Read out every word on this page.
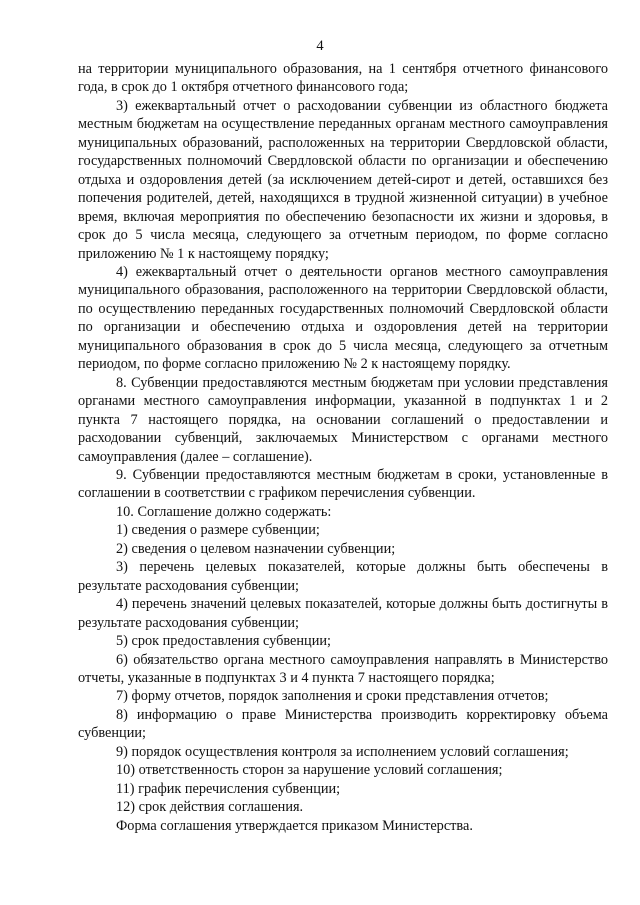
4

на территории муниципального образования, на 1 сентября отчетного финансового года, в срок до 1 октября отчетного финансового года;

3) ежеквартальный отчет о расходовании субвенции из областного бюджета местным бюджетам на осуществление переданных органам местного самоуправления муниципальных образований, расположенных на территории Свердловской области, государственных полномочий Свердловской области по организации и обеспечению отдыха и оздоровления детей (за исключением детей-сирот и детей, оставшихся без попечения родителей, детей, находящихся в трудной жизненной ситуации) в учебное время, включая мероприятия по обеспечению безопасности их жизни и здоровья, в срок до 5 числа месяца, следующего за отчетным периодом, по форме согласно приложению № 1 к настоящему порядку;

4) ежеквартальный отчет о деятельности органов местного самоуправления муниципального образования, расположенного на территории Свердловской области, по осуществлению переданных государственных полномочий Свердловской области по организации и обеспечению отдыха и оздоровления детей на территории муниципального образования в срок до 5 числа месяца, следующего за отчетным периодом, по форме согласно приложению № 2 к настоящему порядку.

8. Субвенции предоставляются местным бюджетам при условии представления органами местного самоуправления информации, указанной в подпунктах 1 и 2 пункта 7 настоящего порядка, на основании соглашений о предоставлении и расходовании субвенций, заключаемых Министерством с органами местного самоуправления (далее – соглашение).

9. Субвенции предоставляются местным бюджетам в сроки, установленные в соглашении в соответствии с графиком перечисления субвенции.

10. Соглашение должно содержать:

1) сведения о размере субвенции;

2) сведения о целевом назначении субвенции;

3) перечень целевых показателей, которые должны быть обеспечены в результате расходования субвенции;

4) перечень значений целевых показателей, которые должны быть достигнуты в результате расходования субвенции;

5) срок предоставления субвенции;

6) обязательство органа местного самоуправления направлять в Министерство отчеты, указанные в подпунктах 3 и 4 пункта 7 настоящего порядка;

7) форму отчетов, порядок заполнения и сроки представления отчетов;

8) информацию о праве Министерства производить корректировку объема субвенции;

9) порядок осуществления контроля за исполнением условий соглашения;

10) ответственность сторон за нарушение условий соглашения;

11) график перечисления субвенции;

12) срок действия соглашения.

Форма соглашения утверждается приказом Министерства.
